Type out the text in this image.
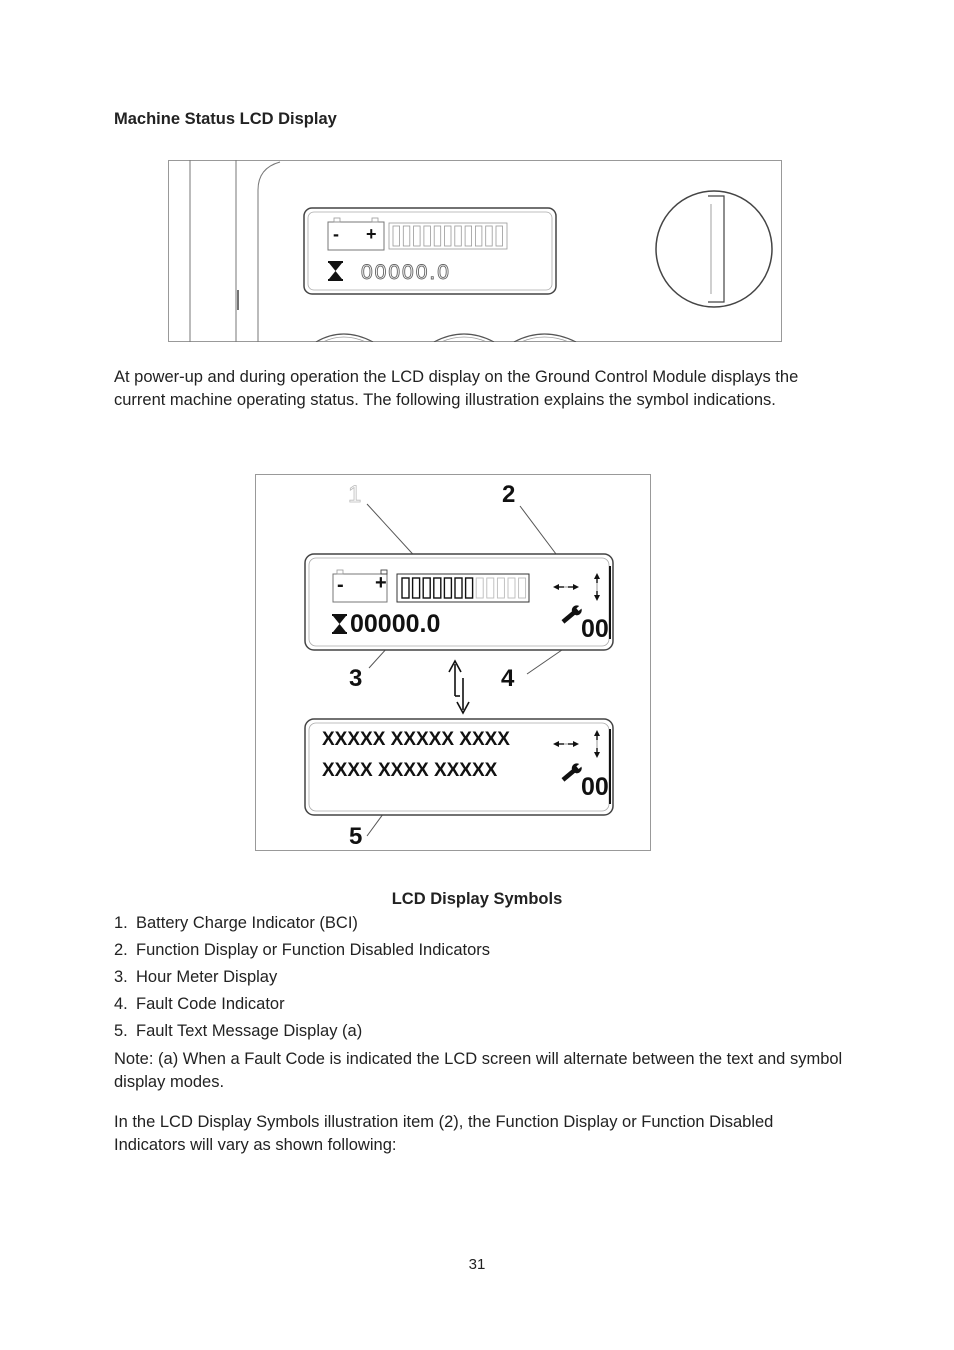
Machine Status LCD Display
- +
00000.0
At power-up and during operation the LCD display on the Ground Control Module displays the current machine operating status. The following illustration explains the symbol indications.
1	2
3	4
5
- +
00000.0	00
XXXXX XXXXX XXXX
XXXX XXXX XXXXX
00
LCD Display Symbols
1. Battery Charge Indicator (BCI)
2. Function Display or Function Disabled Indicators
3. Hour Meter Display
4. Fault Code Indicator
5. Fault Text Message Display (a)
Note: (a) When a Fault Code is indicated the LCD screen will alternate between the text and symbol display modes.
In the LCD Display Symbols illustration item (2), the Function Display or Function Disabled Indicators will vary as shown following:
31
